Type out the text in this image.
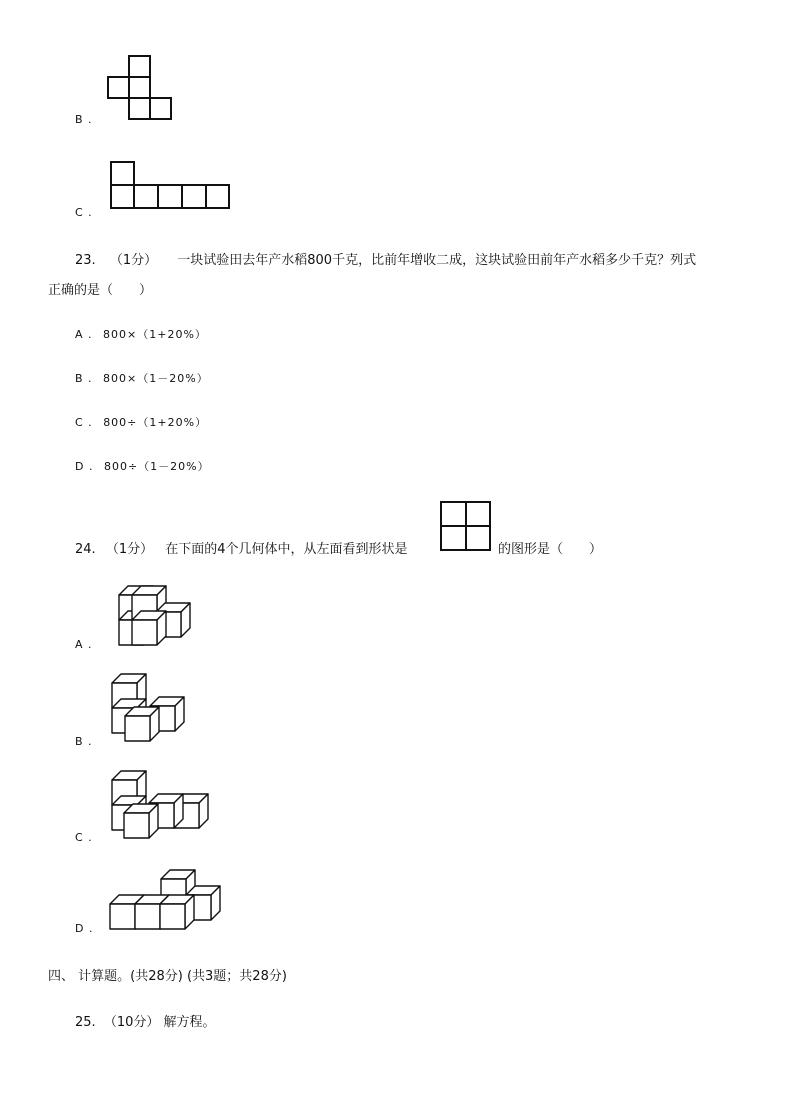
B .
C .
23. （1分） 一块试验田去年产水稻800千克，比前年增收二成，这块试验田前年产水稻多少千克？列式
正确的是（　　）
A . 800×（1+20%）
B . 800×（1－20%）
C . 800÷（1+20%）
D . 800÷（1－20%）
24. （1分） 在下面的4个几何体中，从左面看到形状是	的图形是（　　）
A .
B .
C .
D .
四、 计算题。(共28分) (共3题；共28分)
25. （10分） 解方程。
